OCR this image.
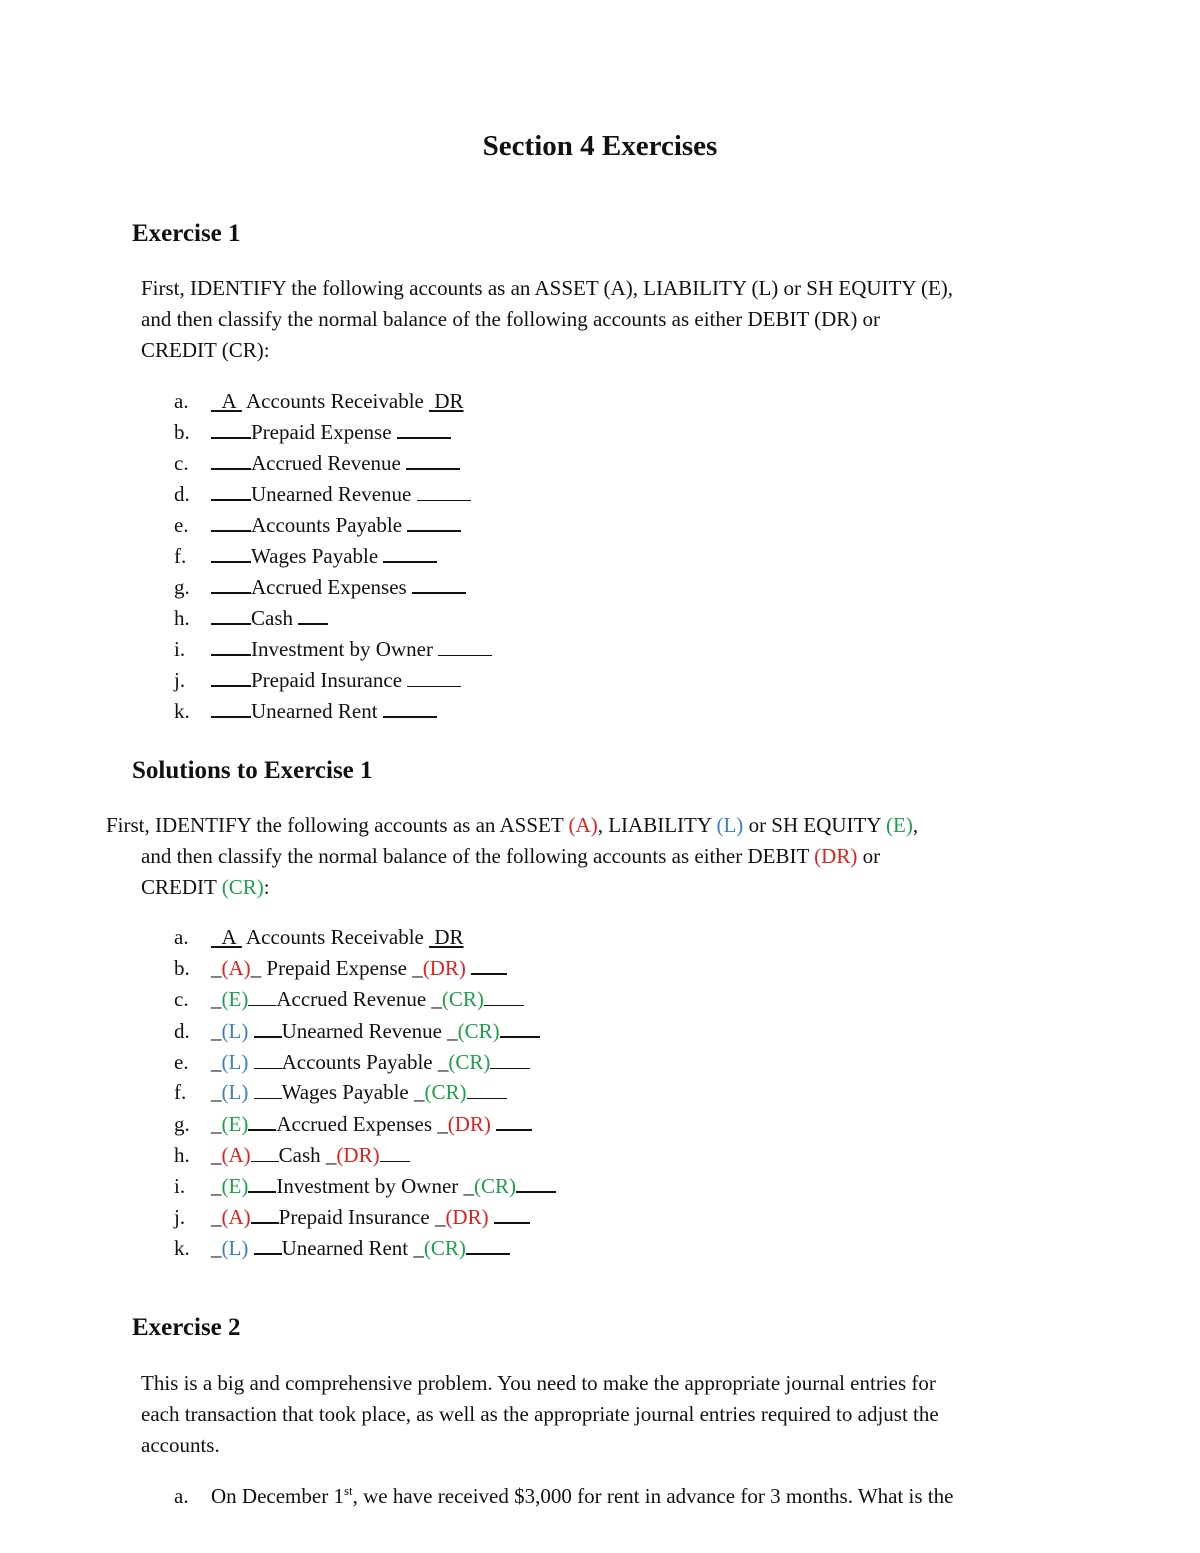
Section 4 Exercises
Exercise 1
First, IDENTIFY the following accounts as an ASSET (A), LIABILITY (L) or SH EQUITY (E),
and then classify the normal balance of the following accounts as either DEBIT (DR) or
CREDIT (CR):
a.	A Accounts Receivable DR
b.	Prepaid Expense
c.	Accrued Revenue
d.	Unearned Revenue
e.	Accounts Payable
f.	Wages Payable
g.	Accrued Expenses
h.	Cash
i.	Investment by Owner
j.	Prepaid Insurance
k.	Unearned Rent
Solutions to Exercise 1
First, IDENTIFY the following accounts as an ASSET (A), LIABILITY (L) or SH EQUITY (E),
and then classify the normal balance of the following accounts as either DEBIT (DR) or
CREDIT (CR):
a.	A Accounts Receivable DR
b.	_(A)_ Prepaid Expense _(DR)
c.	_(E) Accrued Revenue _(CR)
d.	_(L) Unearned Revenue _(CR)
e.	_(L) Accounts Payable _(CR)
f.	_(L) Wages Payable _(CR)
g.	_(E) Accrued Expenses _(DR)
h.	_(A) Cash _(DR)
i.	_(E) Investment by Owner _(CR)
j.	_(A) Prepaid Insurance _(DR)
k.	_(L) Unearned Rent _(CR)
Exercise 2
This is a big and comprehensive problem. You need to make the appropriate journal entries for
each transaction that took place, as well as the appropriate journal entries required to adjust the
accounts.
a.	On December 1st, we have received $3,000 for rent in advance for 3 months. What is the
